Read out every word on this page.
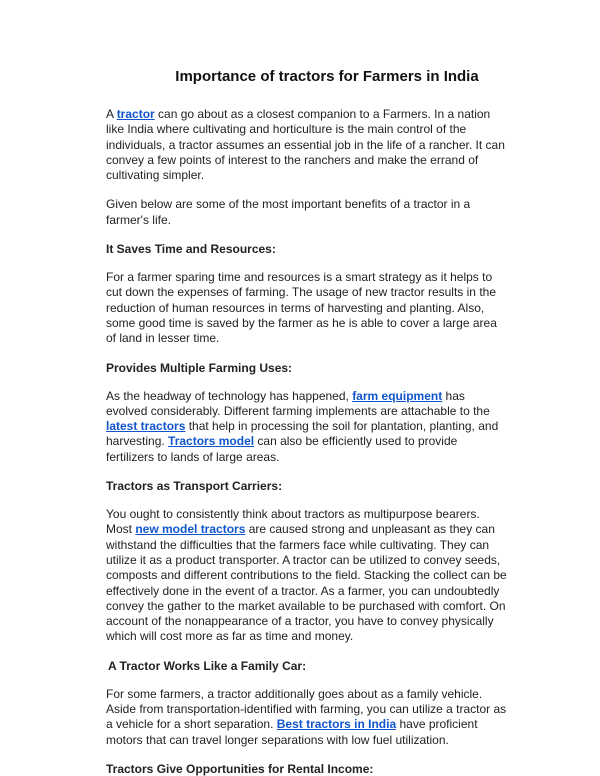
Importance of tractors for Farmers in India

A tractor can go about as a closest companion to a Farmers. In a nation like India where cultivating and horticulture is the main control of the individuals, a tractor assumes an essential job in the life of a rancher. It can convey a few points of interest to the ranchers and make the errand of cultivating simpler.

Given below are some of the most important benefits of a tractor in a farmer's life.

It Saves Time and Resources:

For a farmer sparing time and resources is a smart strategy as it helps to cut down the expenses of farming. The usage of new tractor results in the reduction of human resources in terms of harvesting and planting. Also, some good time is saved by the farmer as he is able to cover a large area of land in lesser time.

Provides Multiple Farming Uses:

As the headway of technology has happened, farm equipment has evolved considerably. Different farming implements are attachable to the latest tractors that help in processing the soil for plantation, planting, and harvesting. Tractors model can also be efficiently used to provide fertilizers to lands of large areas.

Tractors as Transport Carriers:

You ought to consistently think about tractors as multipurpose bearers. Most new model tractors are caused strong and unpleasant as they can withstand the difficulties that the farmers face while cultivating. They can utilize it as a product transporter. A tractor can be utilized to convey seeds, composts and different contributions to the field. Stacking the collect can be effectively done in the event of a tractor. As a farmer, you can undoubtedly convey the gather to the market available to be purchased with comfort. On account of the nonappearance of a tractor, you have to convey physically which will cost more as far as time and money.

A Tractor Works Like a Family Car:

For some farmers, a tractor additionally goes about as a family vehicle. Aside from transportation-identified with farming, you can utilize a tractor as a vehicle for a short separation. Best tractors in India have proficient motors that can travel longer separations with low fuel utilization.

Tractors Give Opportunities for Rental Income:
